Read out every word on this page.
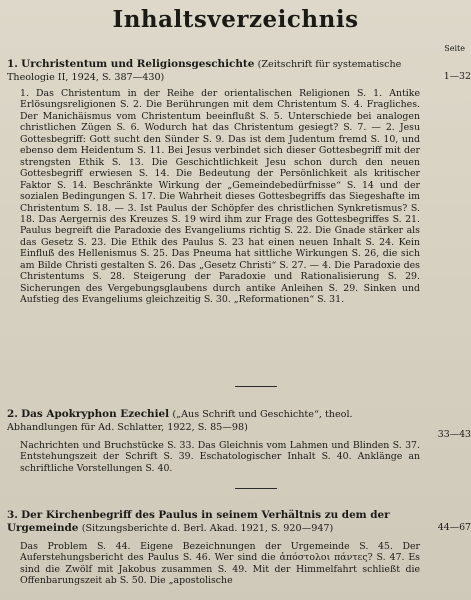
Inhaltsverzeichnis
Seite
1. Urchristentum und Religionsgeschichte (Zeitschrift für systematische Theologie II, 1924, S. 387—430)	1—32
1. Das Christentum in der Reihe der orientalischen Religionen S. 1. Antike Erlösungsreligionen S. 2. Die Berührungen mit dem Christentum S. 4. Fragliches. Der Manichäismus vom Christentum beeinflußt S. 5. Unterschiede bei analogen christlichen Zügen S. 6. Wodurch hat das Christentum gesiegt? S. 7. — 2. Jesu Gottesbegriff: Gott sucht den Sünder S. 9. Das ist dem Judentum fremd S. 10, und ebenso dem Heidentum S. 11. Bei Jesus verbindet sich dieser Gottesbegriff mit der strengsten Ethik S. 13. Die Geschichtlichkeit Jesu schon durch den neuen Gottesbegriff erwiesen S. 14. Die Bedeutung der Persönlichkeit als kritischer Faktor S. 14. Beschränkte Wirkung der „Gemeindebedürfnisse“ S. 14 und der sozialen Bedingungen S. 17. Die Wahrheit dieses Gottesbegriffs das Siegeshafte im Christentum S. 18. — 3. Ist Paulus der Schöpfer des christlichen Synkretismus? S. 18. Das Aergernis des Kreuzes S. 19 wird ihm zur Frage des Gottesbegriffes S. 21. Paulus begreift die Paradoxie des Evangeliums richtig S. 22. Die Gnade stärker als das Gesetz S. 23. Die Ethik des Paulus S. 23 hat einen neuen Inhalt S. 24. Kein Einfluß des Hellenismus S. 25. Das Pneuma hat sittliche Wirkungen S. 26, die sich am Bilde Christi gestalten S. 26. Das „Gesetz Christi“ S. 27. — 4. Die Paradoxie des Christentums S. 28. Steigerung der Paradoxie und Rationalisierung S. 29. Sicherungen des Vergebungsglaubens durch antike Anleihen S. 29. Sinken und Aufstieg des Evangeliums gleichzeitig S. 30. „Reformationen“ S. 31.
2. Das Apokryphon Ezechiel („Aus Schrift und Geschichte“, theol. Abhandlungen für Ad. Schlatter, 1922, S. 85—98)
33—43
Nachrichten und Bruchstücke S. 33. Das Gleichnis vom Lahmen und Blinden S. 37. Entstehungszeit der Schrift S. 39. Eschatologischer Inhalt S. 40. Anklänge an schriftliche Vorstellungen S. 40.
3. Der Kirchenbegriff des Paulus in seinem Verhältnis zu dem der Urgemeinde (Sitzungsberichte d. Berl. Akad. 1921, S. 920—947)	44—67
Das Problem S. 44. Eigene Bezeichnungen der Urgemeinde S. 45. Der Auferstehungsbericht des Paulus S. 46. Wer sind die ἀπόστολοι πάντες? S. 47. Es sind die Zwölf mit Jakobus zusammen S. 49. Mit der Himmelfahrt schließt die Offenbarungszeit ab S. 50. Die „apostolische
